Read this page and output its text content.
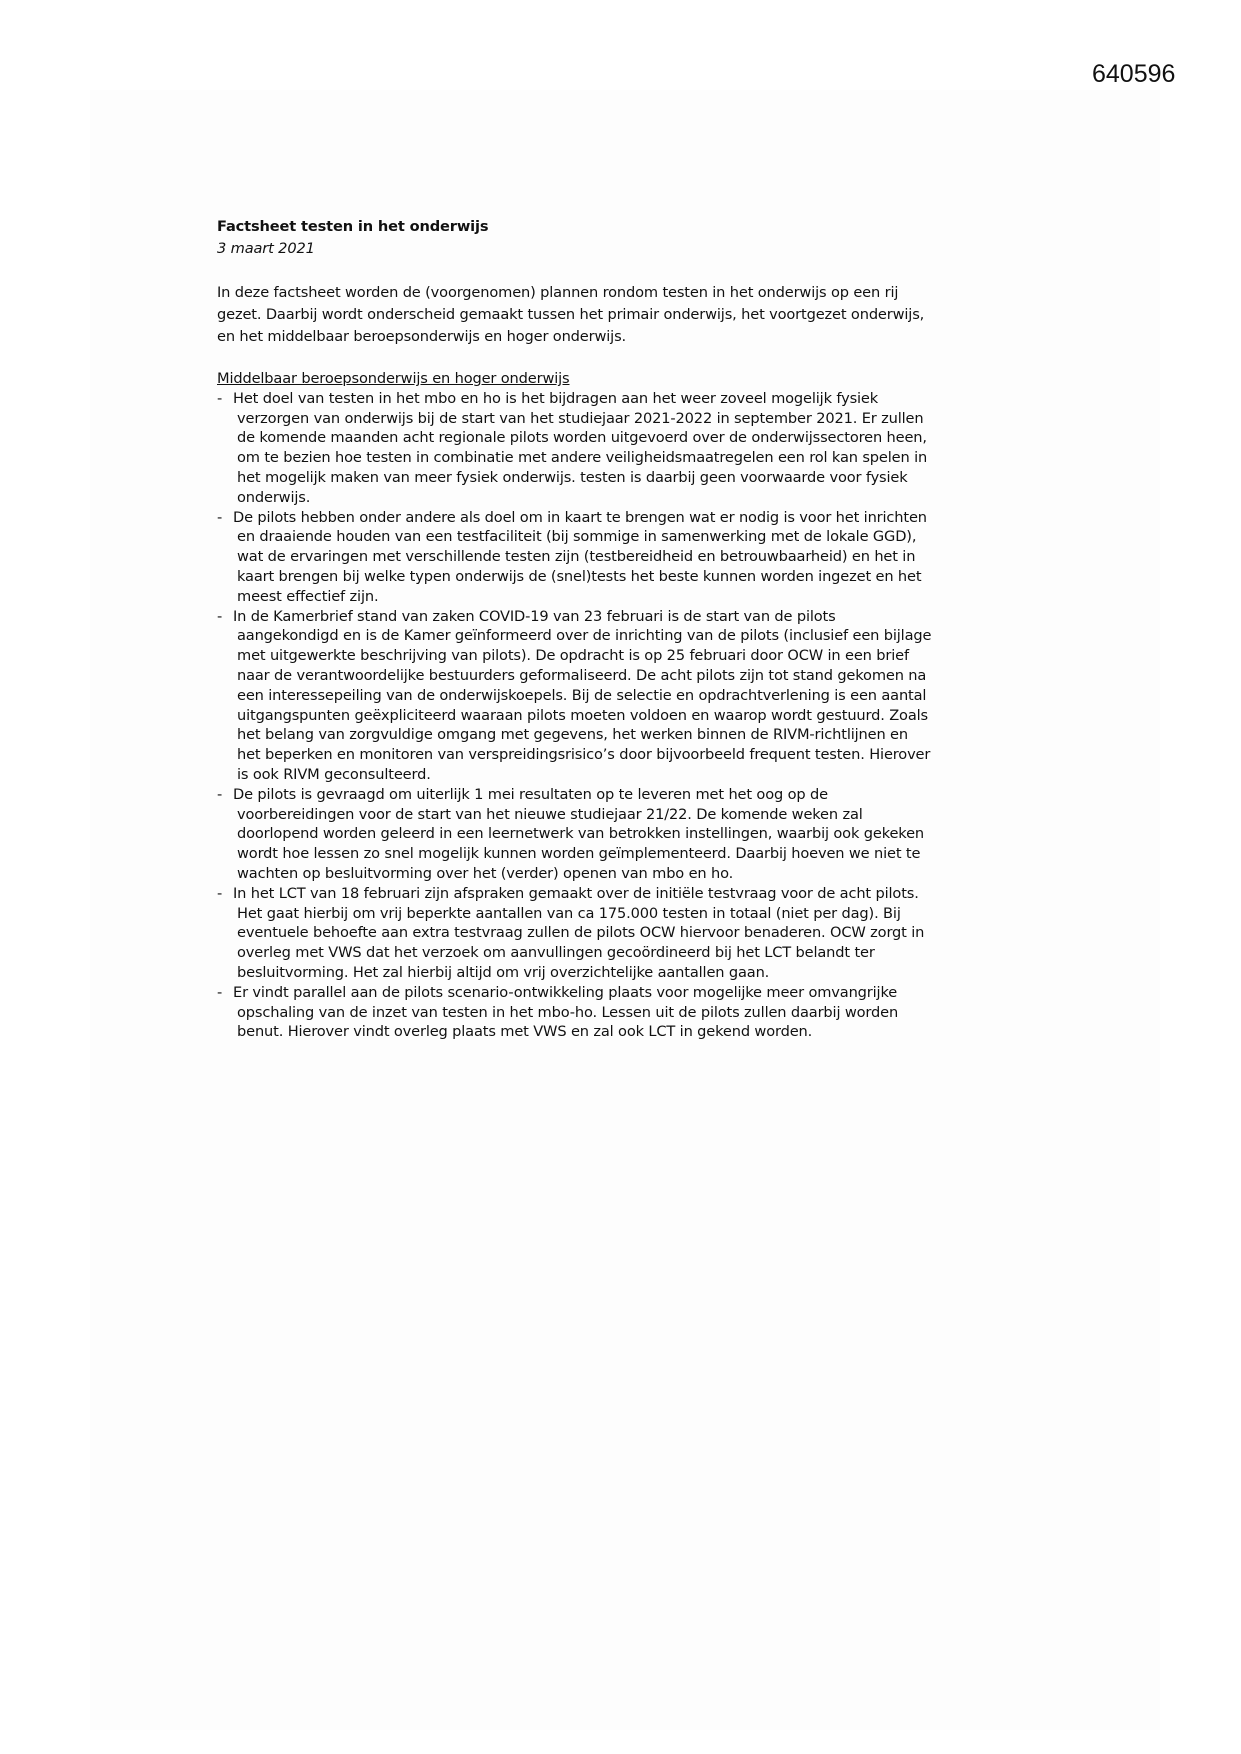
640596
Factsheet testen in het onderwijs
3 maart 2021
In deze factsheet worden de (voorgenomen) plannen rondom testen in het onderwijs op een rij
gezet. Daarbij wordt onderscheid gemaakt tussen het primair onderwijs, het voortgezet onderwijs,
en het middelbaar beroepsonderwijs en hoger onderwijs.
Middelbaar beroepsonderwijs en hoger onderwijs
- Het doel van testen in het mbo en ho is het bijdragen aan het weer zoveel mogelijk fysiek
verzorgen van onderwijs bij de start van het studiejaar 2021-2022 in september 2021. Er zullen
de komende maanden acht regionale pilots worden uitgevoerd over de onderwijssectoren heen,
om te bezien hoe testen in combinatie met andere veiligheidsmaatregelen een rol kan spelen in
het mogelijk maken van meer fysiek onderwijs. testen is daarbij geen voorwaarde voor fysiek
onderwijs.
- De pilots hebben onder andere als doel om in kaart te brengen wat er nodig is voor het inrichten
en draaiende houden van een testfaciliteit (bij sommige in samenwerking met de lokale GGD),
wat de ervaringen met verschillende testen zijn (testbereidheid en betrouwbaarheid) en het in
kaart brengen bij welke typen onderwijs de (snel)tests het beste kunnen worden ingezet en het
meest effectief zijn.
- In de Kamerbrief stand van zaken COVID-19 van 23 februari is de start van de pilots
aangekondigd en is de Kamer geïnformeerd over de inrichting van de pilots (inclusief een bijlage
met uitgewerkte beschrijving van pilots). De opdracht is op 25 februari door OCW in een brief
naar de verantwoordelijke bestuurders geformaliseerd. De acht pilots zijn tot stand gekomen na
een interessepeiling van de onderwijskoepels. Bij de selectie en opdrachtverlening is een aantal
uitgangspunten geëxpliciteerd waaraan pilots moeten voldoen en waarop wordt gestuurd. Zoals
het belang van zorgvuldige omgang met gegevens, het werken binnen de RIVM-richtlijnen en
het beperken en monitoren van verspreidingsrisico’s door bijvoorbeeld frequent testen. Hierover
is ook RIVM geconsulteerd.
- De pilots is gevraagd om uiterlijk 1 mei resultaten op te leveren met het oog op de
voorbereidingen voor de start van het nieuwe studiejaar 21/22. De komende weken zal
doorlopend worden geleerd in een leernetwerk van betrokken instellingen, waarbij ook gekeken
wordt hoe lessen zo snel mogelijk kunnen worden geïmplementeerd. Daarbij hoeven we niet te
wachten op besluitvorming over het (verder) openen van mbo en ho.
- In het LCT van 18 februari zijn afspraken gemaakt over de initiële testvraag voor de acht pilots.
Het gaat hierbij om vrij beperkte aantallen van ca 175.000 testen in totaal (niet per dag). Bij
eventuele behoefte aan extra testvraag zullen de pilots OCW hiervoor benaderen. OCW zorgt in
overleg met VWS dat het verzoek om aanvullingen gecoördineerd bij het LCT belandt ter
besluitvorming. Het zal hierbij altijd om vrij overzichtelijke aantallen gaan.
- Er vindt parallel aan de pilots scenario-ontwikkeling plaats voor mogelijke meer omvangrijke
opschaling van de inzet van testen in het mbo-ho. Lessen uit de pilots zullen daarbij worden
benut. Hierover vindt overleg plaats met VWS en zal ook LCT in gekend worden.
